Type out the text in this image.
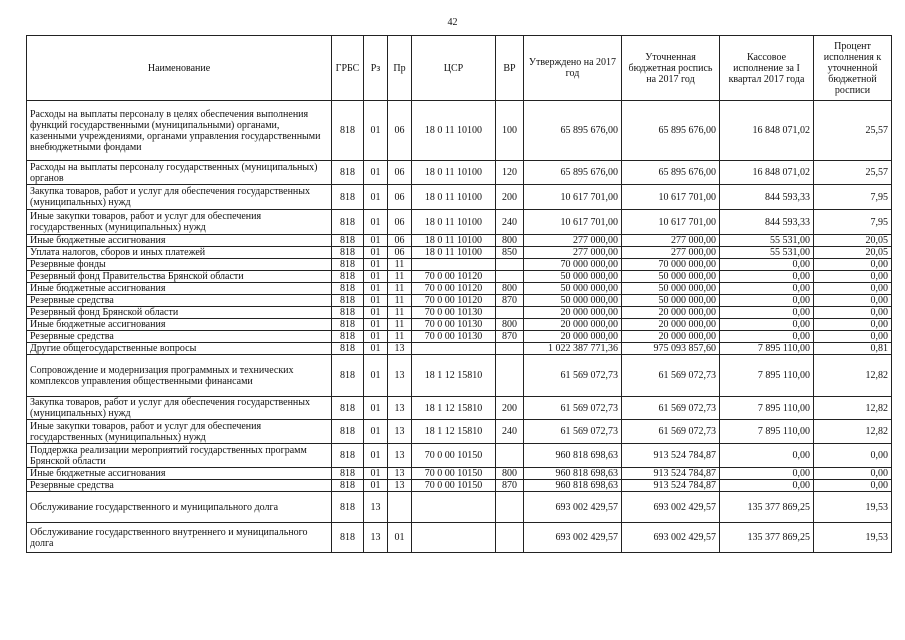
42
Наименование	ГРБС	Рз	Пр	ЦСР	ВР	Утверждено на 2017 год	Уточненная бюджетная роспись на 2017 год	Кассовое исполнение за I квартал 2017 года	Процент исполнения к уточненной бюджетной росписи
Расходы на выплаты персоналу в целях обеспечения выполнения функций государственными (муниципальными) органами, казенными учреждениями, органами управления государственными внебюджетными фондами	818	01	06	18 0 11 10100	100	65 895 676,00	65 895 676,00	16 848 071,02	25,57
Расходы на выплаты персоналу государственных (муниципальных) органов	818	01	06	18 0 11 10100	120	65 895 676,00	65 895 676,00	16 848 071,02	25,57
Закупка товаров, работ и услуг для обеспечения государственных (муниципальных) нужд	818	01	06	18 0 11 10100	200	10 617 701,00	10 617 701,00	844 593,33	7,95
Иные закупки товаров, работ и услуг для обеспечения государственных (муниципальных) нужд	818	01	06	18 0 11 10100	240	10 617 701,00	10 617 701,00	844 593,33	7,95
Иные бюджетные ассигнования	818	01	06	18 0 11 10100	800	277 000,00	277 000,00	55 531,00	20,05
Уплата налогов, сборов и иных платежей	818	01	06	18 0 11 10100	850	277 000,00	277 000,00	55 531,00	20,05
Резервные фонды	818	01	11			70 000 000,00	70 000 000,00	0,00	0,00
Резервный фонд Правительства Брянской области	818	01	11	70 0 00 10120		50 000 000,00	50 000 000,00	0,00	0,00
Иные бюджетные ассигнования	818	01	11	70 0 00 10120	800	50 000 000,00	50 000 000,00	0,00	0,00
Резервные средства	818	01	11	70 0 00 10120	870	50 000 000,00	50 000 000,00	0,00	0,00
Резервный фонд Брянской области	818	01	11	70 0 00 10130		20 000 000,00	20 000 000,00	0,00	0,00
Иные бюджетные ассигнования	818	01	11	70 0 00 10130	800	20 000 000,00	20 000 000,00	0,00	0,00
Резервные средства	818	01	11	70 0 00 10130	870	20 000 000,00	20 000 000,00	0,00	0,00
Другие общегосударственные вопросы	818	01	13			1 022 387 771,36	975 093 857,60	7 895 110,00	0,81
Сопровождение и модернизация программных и технических комплексов управления общественными финансами	818	01	13	18 1 12 15810		61 569 072,73	61 569 072,73	7 895 110,00	12,82
Закупка товаров, работ и услуг для обеспечения государственных (муниципальных) нужд	818	01	13	18 1 12 15810	200	61 569 072,73	61 569 072,73	7 895 110,00	12,82
Иные закупки товаров, работ и услуг для обеспечения государственных (муниципальных) нужд	818	01	13	18 1 12 15810	240	61 569 072,73	61 569 072,73	7 895 110,00	12,82
Поддержка реализации мероприятий государственных программ Брянской области	818	01	13	70 0 00 10150		960 818 698,63	913 524 784,87	0,00	0,00
Иные бюджетные ассигнования	818	01	13	70 0 00 10150	800	960 818 698,63	913 524 784,87	0,00	0,00
Резервные средства	818	01	13	70 0 00 10150	870	960 818 698,63	913 524 784,87	0,00	0,00
Обслуживание государственного и муниципального долга	818	13				693 002 429,57	693 002 429,57	135 377 869,25	19,53
Обслуживание государственного внутреннего и муниципального долга	818	13	01			693 002 429,57	693 002 429,57	135 377 869,25	19,53
